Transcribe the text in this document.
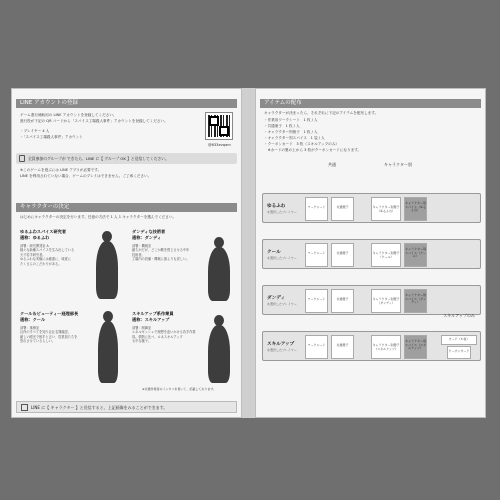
LINE アカウントの登録
ゲーム進行補助用の LINE アカウントを登録してください。
進行役が下記の QR コードから「スパイス工場殺人事件」アカウントを登録してください。
・プレイヤー 4 人
・「スパイス工場殺人事件」アカウント
@633evqam
全員参加のグループが できたら、LINE に【 グループ OK 】と送信してください。
※このゲームを遊ぶには LINE アプリが必要です。
LINE を利用されていない場合、ゲームのプレイはできません。ご了承ください。
キャラクターの決定
はじめにキャラクターの決定を行います。任意の方法で 1 人 1 キャラクターを選んでください。
ゆるふわスパイス研究者
通称：ゆるふわ
部署：研究開発室 A
様々な新種スパイスを生み出している
天才若手研究者。
ゆるふわな実験には厳重に、味覚に
たくさんのこだわりがある。
ダンディな技術者
通称：ダンディ
部署：機械室
厳ちがだが、どこか敷を感じさせる中年
技術者。
工場内の設備・機械に誰よりも詳しい。
クール＆ビューティー経理部長
通称：クール
部署：事務室
社内のすべてを知り社社名簿確認。
厳しい眼光で相手と言い、従業員たちを
恐れさせているらしい。
スキルアップ系作業員
通称：スキルアップ
部署：制御室
エネルギッシュで理想を追いかける若手作業
員。情熱に比べ、ロネスキルアップ
も中な様子。
※共通作業者のインタリを書いて、記載しております。
LINE に【 キャラクター 】と送信すると、上記画像をみることができます。
アイテムの配布
キャラクターが決まったら、それぞれに下記のアイテムを配布します。
・作業用ワークシート　1 枚 / 人
・共通冊子　1 枚 / 人
・キャラクター別冊子　1 枚 / 人
・キャラクター別スパイス　1 袋 / 人
・クーポンカード　3 枚（スキルアップのみ）
　※カードの裏の上から 3 枚がクーポンカードになります。
共通	キャラクター別
ゆるふわ
を選択したプレイヤー
ワークシート	共通冊子	キャラクター別冊子（ゆるふわ）
キャラクター別スパイス（ゆるふわ）
クール
を選択したプレイヤー
ワークシート	共通冊子	キャラクター別冊子（クール）
キャラクター別スパイス（クール）
ダンディ
を選択したプレイヤー
ワークシート	共通冊子	キャラクター別冊子（ダンディ）
キャラクター別スパイス（ダンディ）
スキルアップのみ
スキルアップ
を選択したプレイヤー
ワークシート	共通冊子	キャラクター別冊子（スキルアップ）
キャラクター別スパイス（スキルアップ）
カード（3 枚）
クーポンカード
